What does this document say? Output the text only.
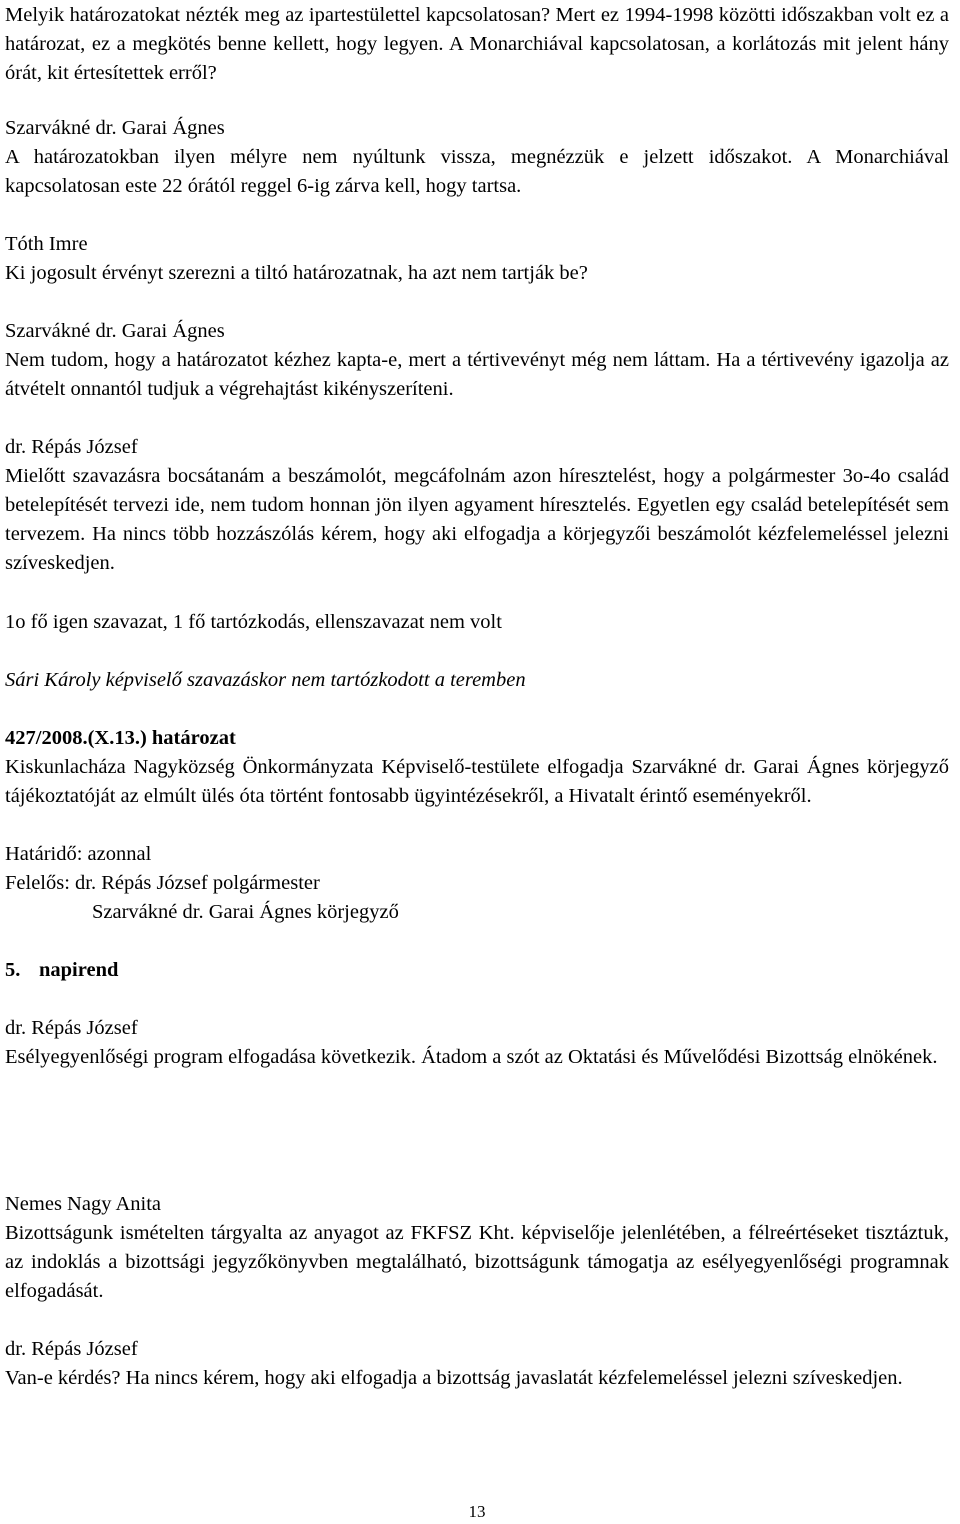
Melyik határozatokat nézték meg az ipartestülettel kapcsolatosan? Mert ez 1994-1998 közötti időszakban volt ez a határozat, ez a megkötés benne kellett, hogy legyen. A Monarchiával kapcsolatosan, a korlátozás mit jelent hány órát, kit értesítettek erről?
Szarvákné dr. Garai Ágnes
A határozatokban ilyen mélyre nem nyúltunk vissza, megnézzük e jelzett időszakot. A Monarchiával kapcsolatosan este 22 órától reggel 6-ig zárva kell, hogy tartsa.
Tóth Imre
Ki jogosult érvényt szerezni a tiltó határozatnak, ha azt nem tartják be?
Szarvákné dr. Garai Ágnes
Nem tudom, hogy a határozatot kézhez kapta-e, mert a tértivevényt még nem láttam. Ha a tértivevény igazolja az átvételt onnantól tudjuk a végrehajtást kikényszeríteni.
dr. Répás József
Mielőtt szavazásra bocsátanám a beszámolót, megcáfolnám azon híresztelést, hogy a polgármester 3o-4o család betelepítését tervezi ide, nem tudom honnan jön ilyen agyament híresztelés. Egyetlen egy család betelepítését sem tervezem. Ha nincs több hozzászólás kérem, hogy aki elfogadja a körjegyzői beszámolót kézfelemeléssel jelezni szíveskedjen.
1o fő igen szavazat, 1 fő tartózkodás, ellenszavazat nem volt
Sári Károly képviselő szavazáskor nem tartózkodott a teremben
427/2008.(X.13.) határozat
Kiskunlacháza Nagyközség Önkormányzata Képviselő-testülete elfogadja Szarvákné dr. Garai Ágnes körjegyző tájékoztatóját az elmúlt ülés óta történt fontosabb ügyintézésekről, a Hivatalt érintő eseményekről.
Határidő: azonnal
Felelős: dr. Répás József polgármester
Szarvákné dr. Garai Ágnes körjegyző
5. napirend
dr. Répás József
Esélyegyenlőségi program elfogadása következik. Átadom a szót az Oktatási és Művelődési Bizottság elnökének.
Nemes Nagy Anita
Bizottságunk ismételten tárgyalta az anyagot az FKFSZ Kht. képviselője jelenlétében, a félreértéseket tisztáztuk, az indoklás a bizottsági jegyzőkönyvben megtalálható, bizottságunk támogatja az esélyegyenlőségi programnak elfogadását.
dr. Répás József
Van-e kérdés? Ha nincs kérem, hogy aki elfogadja a bizottság javaslatát kézfelemeléssel jelezni szíveskedjen.
13
